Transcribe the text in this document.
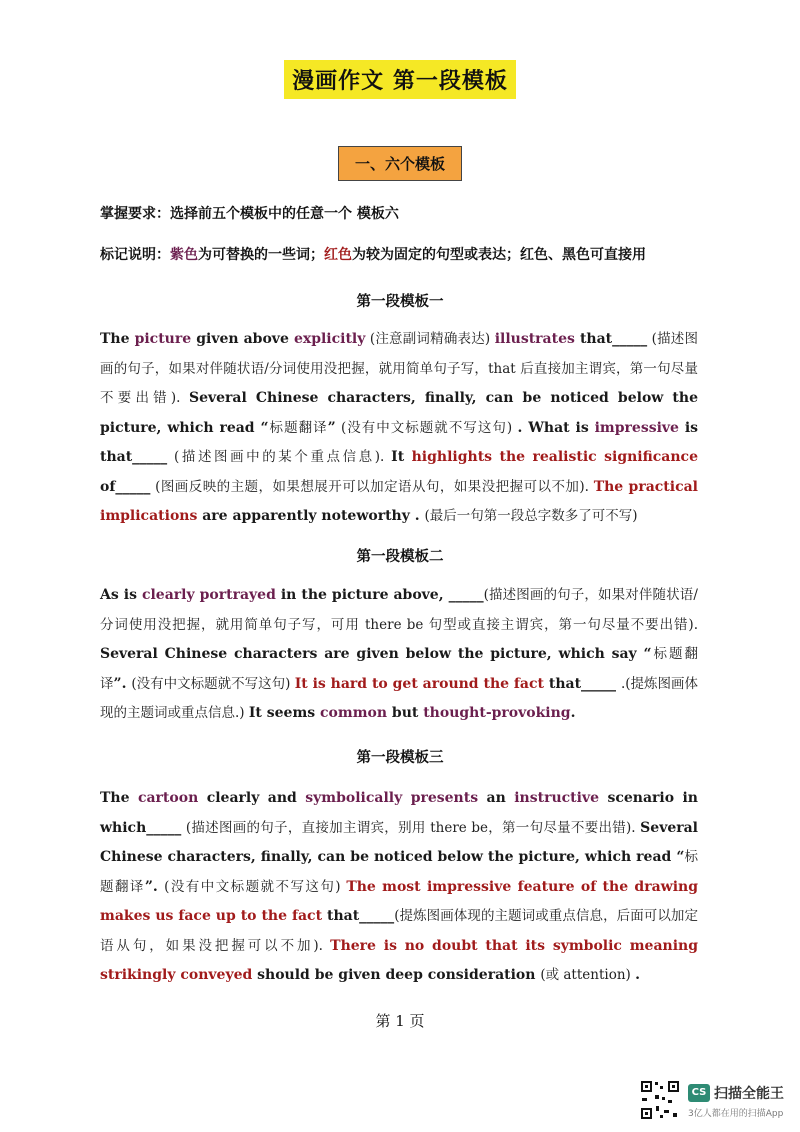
漫画作文 第一段模板
一、六个模板
掌握要求：选择前五个模板中的任意一个 模板六
标记说明：紫色为可替换的一些词；红色为较为固定的句型或表达；红色、黑色可直接用
第一段模板一
The picture given above explicitly (注意副词精确表达) illustrates that_____ (描述图画的句子，如果对伴随状语/分词使用没把握，就用简单句子写，that 后直接加主谓宾，第一句尽量不要出错). Several Chinese characters, finally, can be noticed below the picture, which read “标题翻译” (没有中文标题就不写这句) . What is impressive is that_____ (描述图画中的某个重点信息). It highlights the realistic significance of_____ (图画反映的主题，如果想展开可以加定语从句，如果没把握可以不加). The practical implications are apparently noteworthy . (最后一句第一段总字数多了可不写)
第一段模板二
As is clearly portrayed in the picture above, _____(描述图画的句子，如果对伴随状语/分词使用没把握，就用简单句子写，可用 there be 句型或直接主谓宾，第一句尽量不要出错). Several Chinese characters are given below the picture, which say “标题翻译”. (没有中文标题就不写这句) It is hard to get around the fact that_____ .(提炼图画体现的主题词或重点信息.) It seems common but thought-provoking.
第一段模板三
The cartoon clearly and symbolically presents an instructive scenario in which_____ (描述图画的句子，直接加主谓宾，别用 there be，第一句尽量不要出错). Several Chinese characters, finally, can be noticed below the picture, which read “标题翻译”. (没有中文标题就不写这句) The most impressive feature of the drawing makes us face up to the fact that_____(提炼图画体现的主题词或重点信息，后面可以加定语从句，如果没把握可以不加). There is no doubt that its symbolic meaning strikingly conveyed should be given deep consideration (或 attention) .
第 1 页
CS 扫描全能王
3亿人都在用的扫描App
